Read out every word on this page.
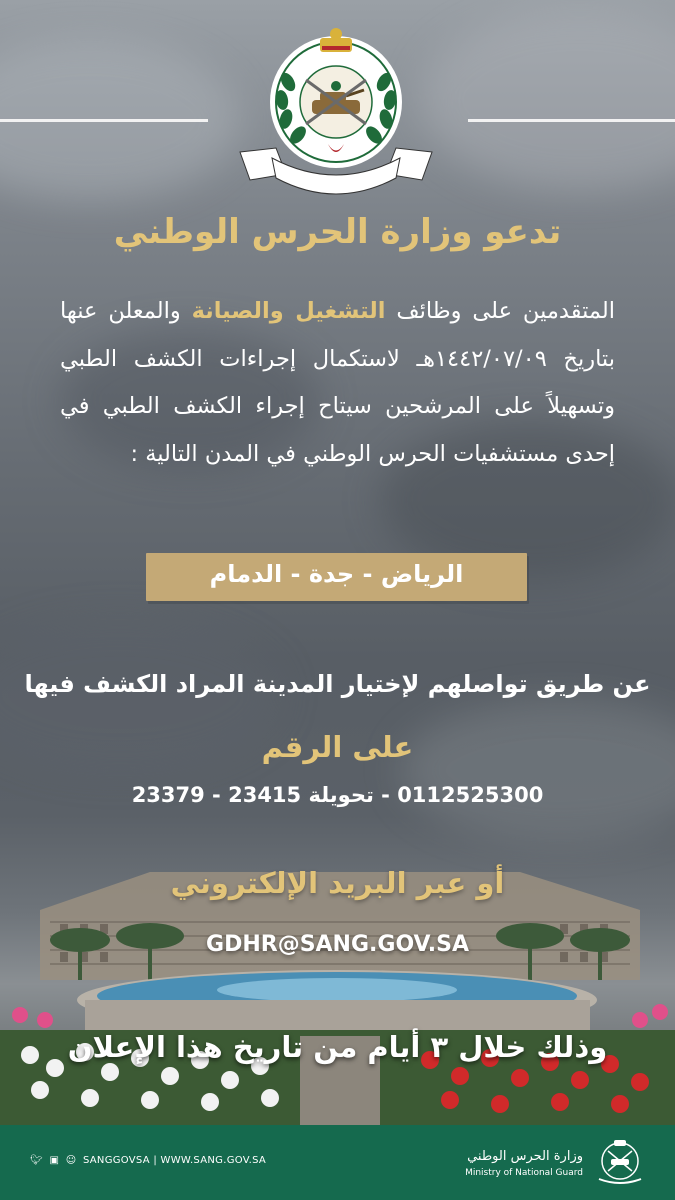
تدعو وزارة الحرس الوطني
المتقدمين على وظائف التشغيل والصيانة والمعلن عنها بتاريخ ١٤٤٢/٠٧/٠٩هـ لاستكمال إجراءات الكشف الطبي وتسهيلاً على المرشحين سيتاح إجراء الكشف الطبي في إحدى مستشفيات الحرس الوطني في المدن التالية :
الرياض - جدة - الدمام
عن طريق تواصلهم لإختيار المدينة المراد الكشف فيها
على الرقم
0112525300 - تحويلة 23415 - 23379
أو عبر البريد الإلكتروني
GDHR@SANG.GOV.SA
وذلك خلال ٣ أيام من تاريخ هذا الإعلان
🐦︎ ▣ ☺ SANGGOVSA | WWW.SANG.GOV.SA	وزارة الحرس الوطني
Ministry of National Guard
